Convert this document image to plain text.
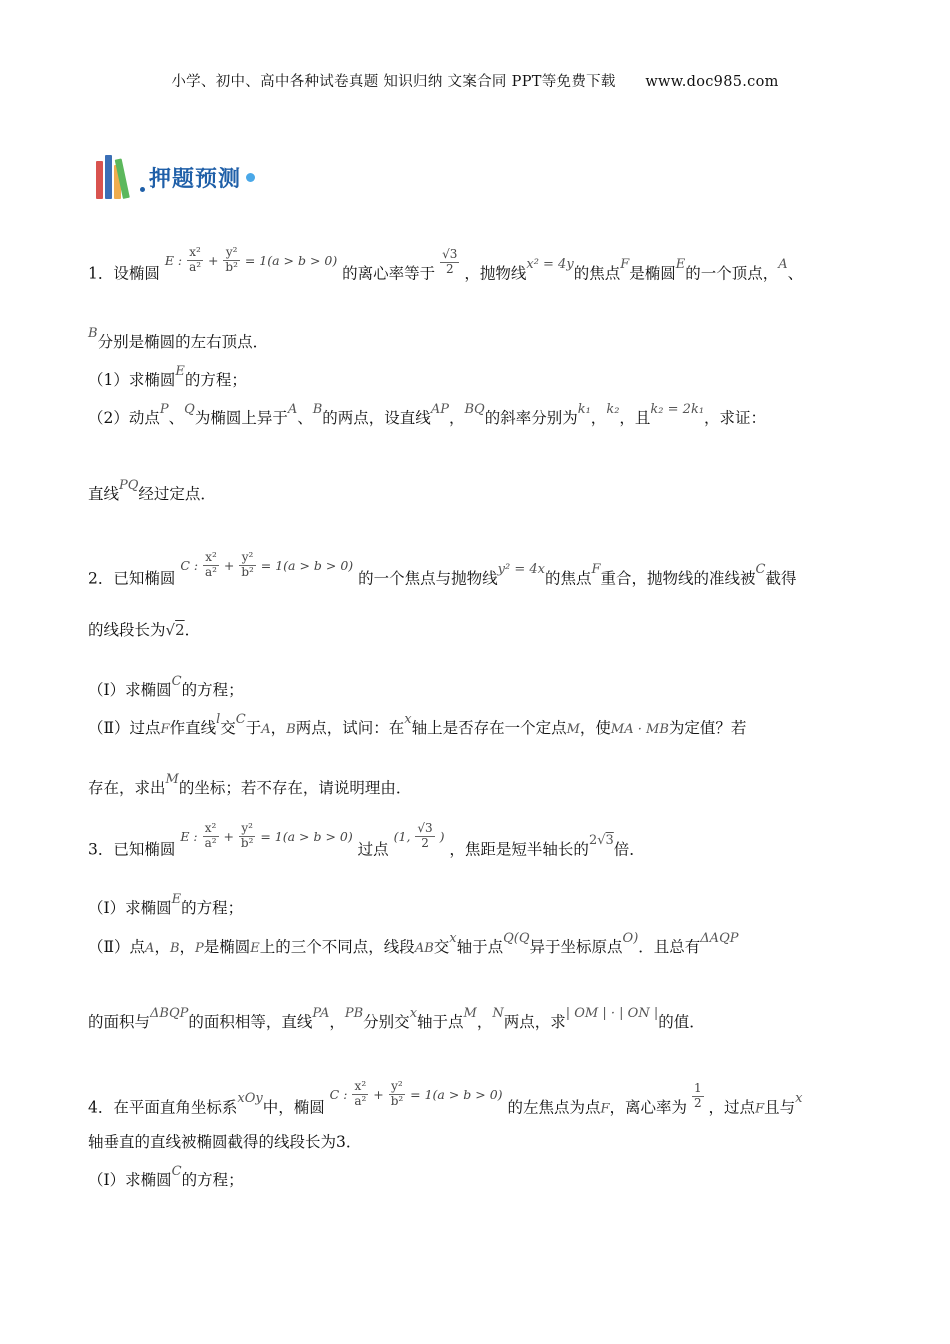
小学、初中、高中各种试卷真题 知识归纳 文案合同 PPT等免费下载　　www.doc985.com
押题预测
1．设椭圆 E : $\frac{\text{x²}}{\text{a²}} + \frac{\text{y²}}{\text{b²}} = 1(a > b > 0)$ 的离心率等于 $\frac{√3}{2}$ ，抛物线$^{x^2 = 4y}$的焦点$^F$是椭圆$^E$的一个顶点，$^A$、
$^B$分别是椭圆的左右顶点．
（1）求椭圆$^E$的方程；
（2）动点$^P$、$^Q$为椭圆上异于$^A$、$^B$的两点，设直线$^{AP}$，$^{BQ}$的斜率分别为$^{k_1}$，$^{k_2}$，且$^{k_2 = 2k_1}$，求证：
直线$^{PQ}$经过定点．
2．已知椭圆 C : $\frac{\text{x²}}{\text{a²}} + \frac{\text{y²}}{\text{b²}} = 1(a > b > 0)$ 的一个焦点与抛物线$^{y^2 = 4x}$的焦点$^F$重合，抛物线的准线被$^C$截得
的线段长为√2．
（Ⅰ）求椭圆$^C$的方程；
（Ⅱ）过点F作直线$^l$交$^C$于A，B两点，试问：在$^x$轴上是否存在一个定点M，使MA · MB为定值？若
存在，求出$^M$的坐标；若不存在，请说明理由．
3．已知椭圆 E : $\frac{\text{x²}}{\text{a²}} + \frac{\text{y²}}{\text{b²}} = 1(a > b > 0)$ 过点 (1, $\frac{√3}{2}$ ) ，焦距是短半轴长的$^{2√3}$倍．
（Ⅰ）求椭圆$^E$的方程；
（Ⅱ）点A，B，P是椭圆E上的三个不同点，线段AB交$^x$轴于点$^{Q(Q}$异于坐标原点$^{O)}$．且总有$^{\Delta AQP}$
的面积与$^{\Delta BQP}$的面积相等，直线$^{PA}$，$^{PB}$分别交$^x$轴于点$^M$，$^N$两点，求$^{| OM | \cdot | ON |}$的值．
4．在平面直角坐标系$^{xOy}$中，椭圆 C : $\frac{\text{x²}}{\text{a²}} + \frac{\text{y²}}{\text{b²}} = 1(a > b > 0)$ 的左焦点为点F，离心率为 $\frac{1}{2}$ ，过点F且与$^x$
轴垂直的直线被椭圆截得的线段长为3．
（Ⅰ）求椭圆$^C$的方程；
